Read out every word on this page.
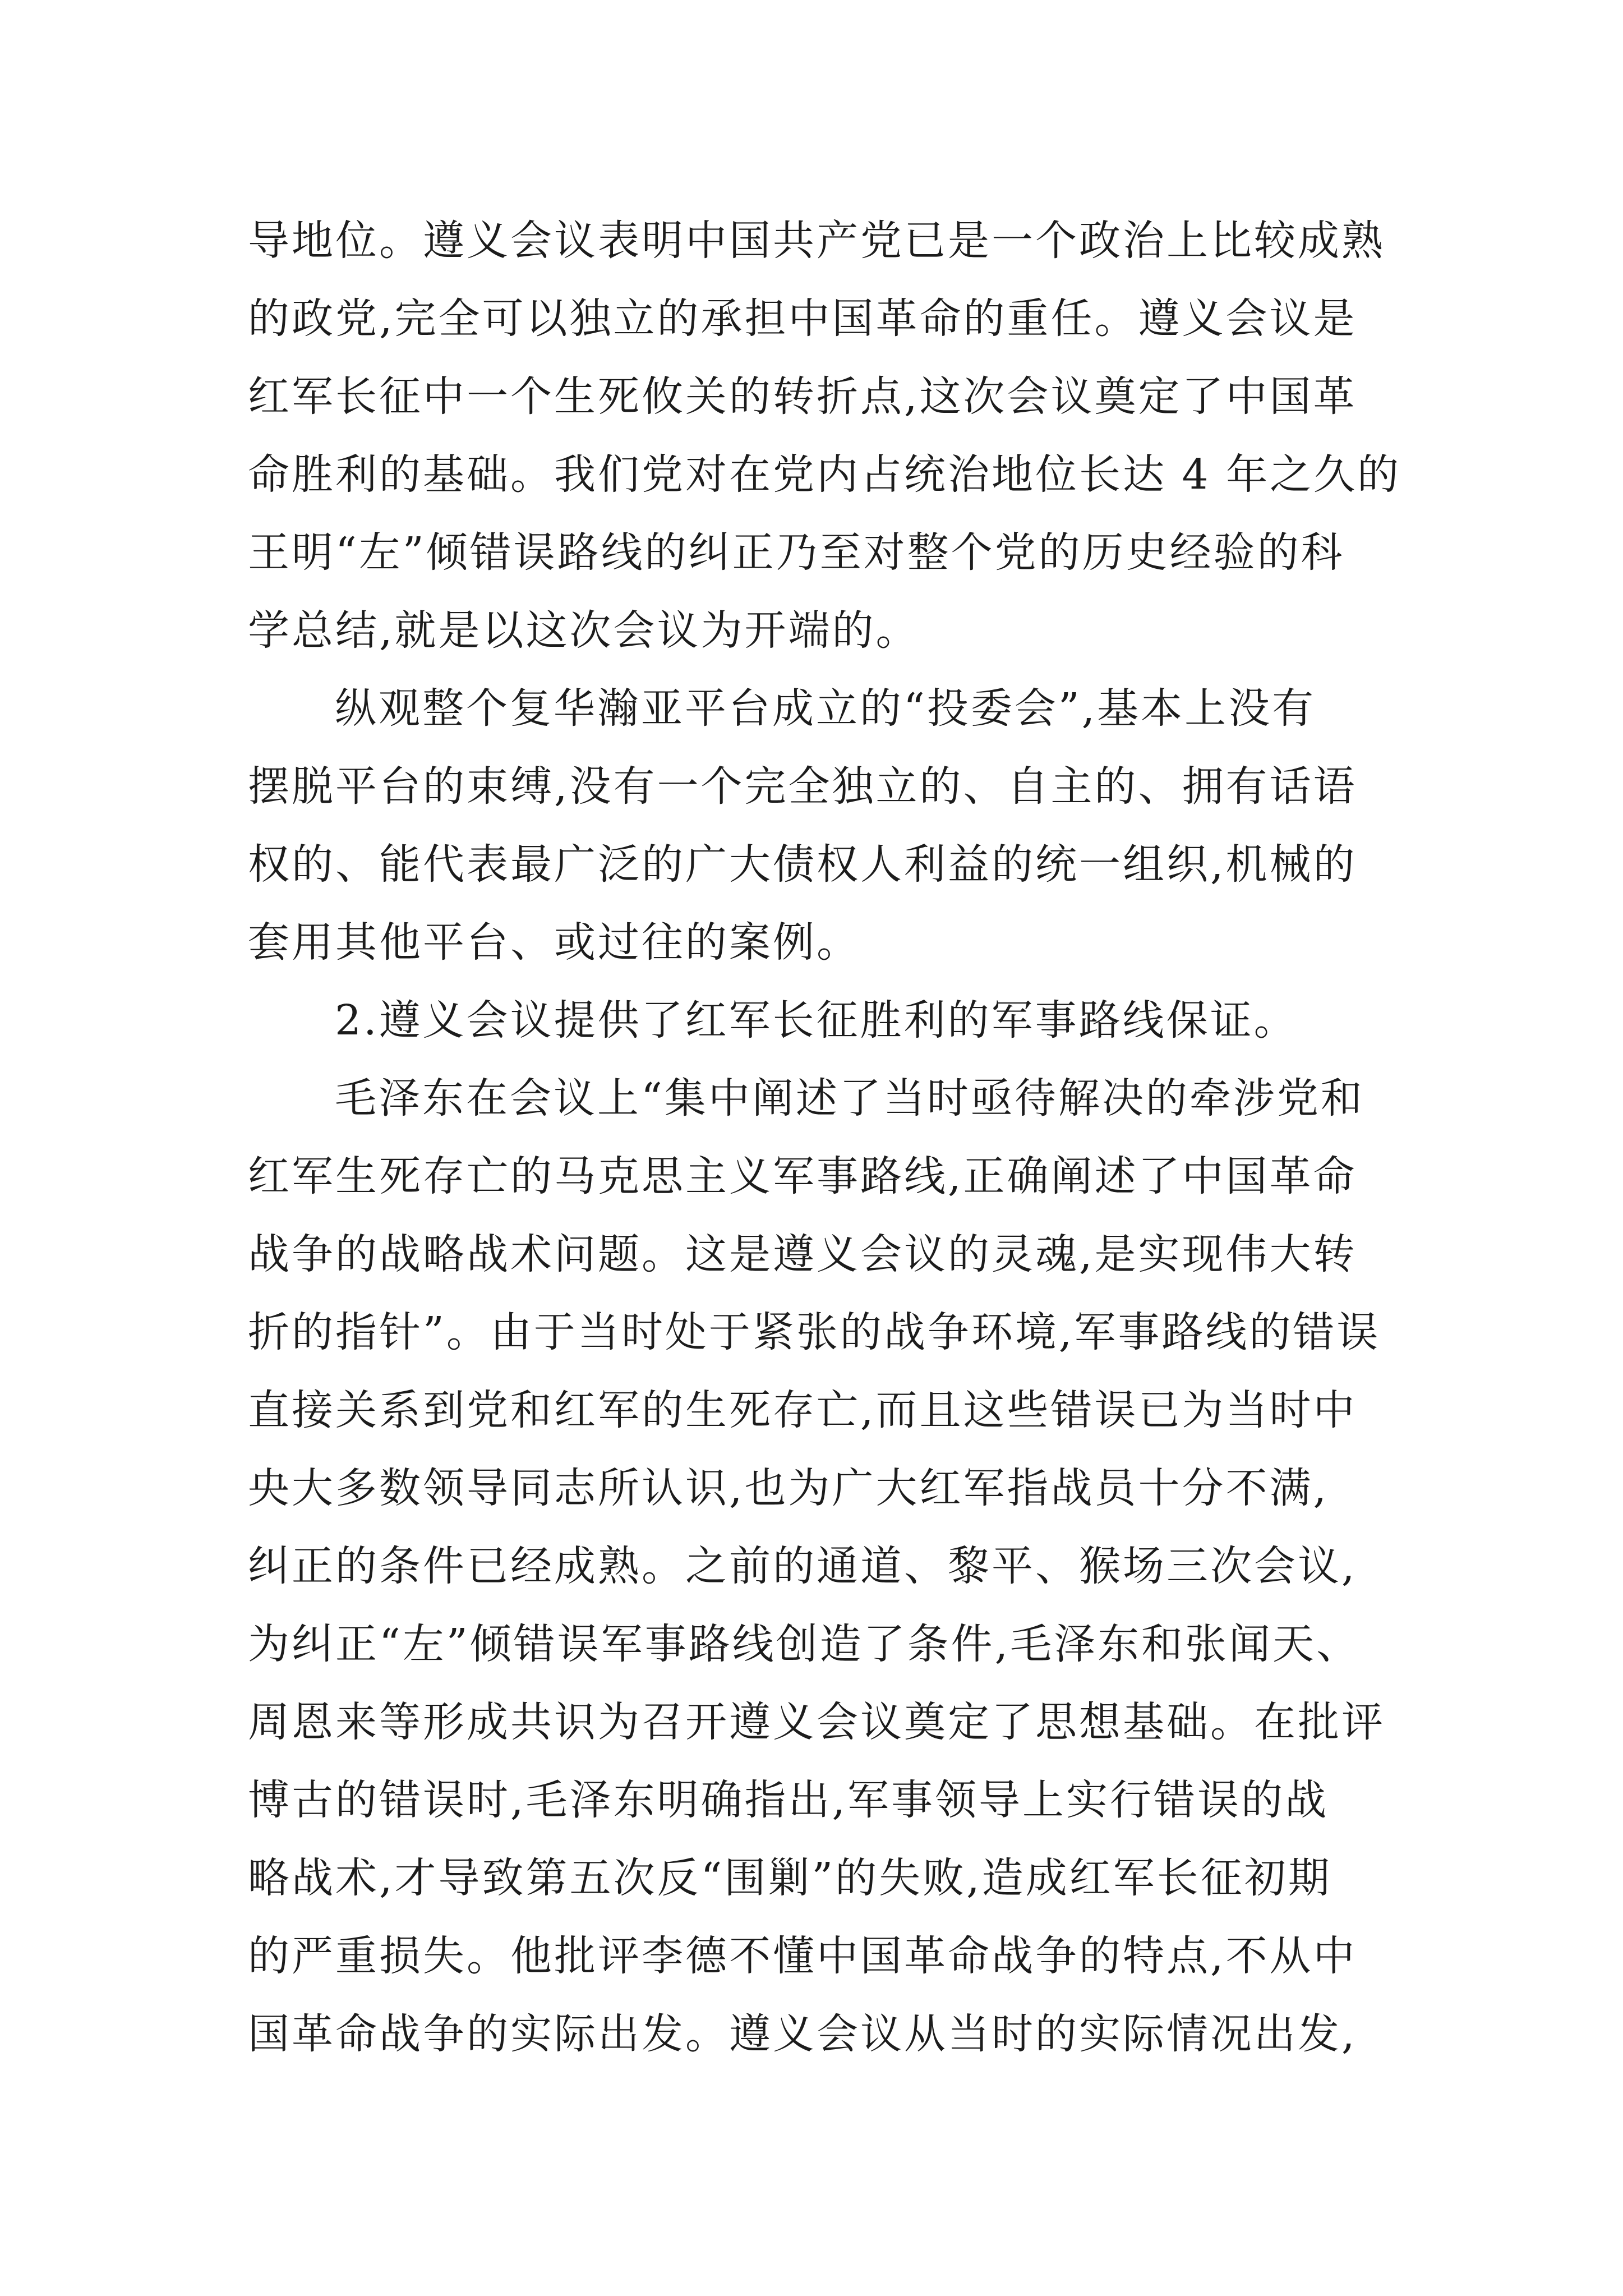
导地位。遵义会议表明中国共产党已是一个政治上比较成熟
的政党,完全可以独立的承担中国革命的重任。遵义会议是
红军长征中一个生死攸关的转折点,这次会议奠定了中国革
命胜利的基础。我们党对在党内占统治地位长达 4 年之久的
王明“左”倾错误路线的纠正乃至对整个党的历史经验的科
学总结,就是以这次会议为开端的。
纵观整个复华瀚亚平台成立的“投委会”,基本上没有
摆脱平台的束缚,没有一个完全独立的、自主的、拥有话语
权的、能代表最广泛的广大债权人利益的统一组织,机械的
套用其他平台、或过往的案例。
2.遵义会议提供了红军长征胜利的军事路线保证。
毛泽东在会议上“集中阐述了当时亟待解决的牵涉党和
红军生死存亡的马克思主义军事路线,正确阐述了中国革命
战争的战略战术问题。这是遵义会议的灵魂,是实现伟大转
折的指针”。由于当时处于紧张的战争环境,军事路线的错误
直接关系到党和红军的生死存亡,而且这些错误已为当时中
央大多数领导同志所认识,也为广大红军指战员十分不满,
纠正的条件已经成熟。之前的通道、黎平、猴场三次会议,
为纠正“左”倾错误军事路线创造了条件,毛泽东和张闻天、
周恩来等形成共识为召开遵义会议奠定了思想基础。在批评
博古的错误时,毛泽东明确指出,军事领导上实行错误的战
略战术,才导致第五次反“围剿”的失败,造成红军长征初期
的严重损失。他批评李德不懂中国革命战争的特点,不从中
国革命战争的实际出发。遵义会议从当时的实际情况出发,
